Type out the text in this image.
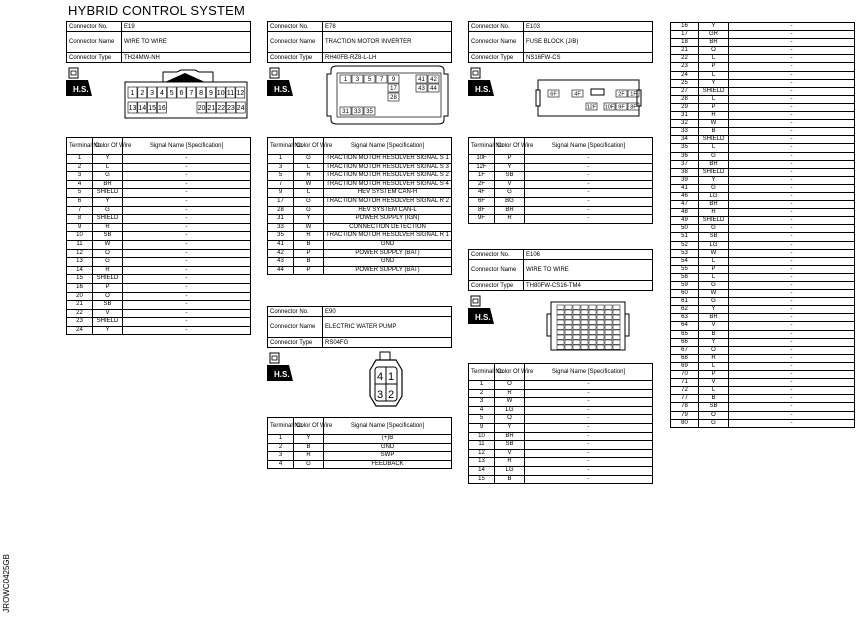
HYBRID CONTROL SYSTEM
Connector No.	E19
Connector Name	WIRE TO WIRE
Connector Type	TH24MW-NH
H.S.	1 2 3 4 5 6 7 8 9 10 11 12
13 14 15 16	20 21 22 23 24
Terminal No.	Color Of Wire	Signal Name [Specification]
1	Y	-
2	L	-
3	G	-
4	BR	-
5	SHIELD	-
6	Y	-
7	G	-
8	SHIELD	-
9	R	-
10	SB	-
11	W	-
12	O	-
13	G	-
14	R	-
15	SHIELD	-
16	P	-
20	O	-
21	SB	-
22	V	-
23	SHIELD	-
24	Y	-
Connector No.	E78
Connector Name	TRACTION MOTOR INVERTER
Connector Type	RH40FB-RZ8-L-LH
H.S.
1 3 5 7 9	41 42
17	43 44
28
31 33 35
Terminal No.	Color Of Wire	Signal Name [Specification]
1	G	TRACTION MOTOR RESOLVER SIGNAL S 1
3	L	TRACTION MOTOR RESOLVER SIGNAL S 3
5	R	TRACTION MOTOR RESOLVER SIGNAL S 2
7	W	TRACTION MOTOR RESOLVER SIGNAL S 4
9	L	HEV SYSTEM CAN-H
17	G	TRACTION MOTOR RESOLVER SIGNAL R 2
28	G	HEV SYSTEM CAN-L
31	Y	POWER SUPPLY (IGN)
33	W	CONNECTION DETECTION
35	R	TRACTION MOTOR RESOLVER SIGNAL R 1
41	B	GND
42	P	POWER SUPPLY (BAT)
43	B	GND
44	P	POWER SUPPLY (BAT)
Connector No.	E90
Connector Name	ELECTRIC WATER PUMP
Connector Type	RS04FG
H.S.	4 1
3 2
Terminal No.	Color Of Wire	Signal Name [Specification]
1	Y	(+)B
2	B	GND
3	R	SWP
4	G	FEEDBACK
Connector No.	E103
Connector Name	FUSE BLOCK (J/B)
Connector Type	NS16FW-CS
H.S.
6F	4F	2F 1F
12F 10F 9F 8F
Terminal No.	Color Of Wire	Signal Name [Specification]
10F	P	-
12F	Y	-
1F	SB	-
2F	V	-
4F	G	-
6F	BG	-
8F	BR	-
9F	R	-
Connector No.	E106
Connector Name	WIRE TO WIRE
Connector Type	TH80FW-CS16-TM4
H.S.
Terminal No.	Color Of Wire	Signal Name [Specification]
1	O	-
2	R	-
3	W	-
4	LG	-
5	O	-
9	Y	-
10	BR	-
11	SB	-
12	V	-
13	R	-
14	LG	-
15	B	-
16	Y	-
17	GR	-
18	BR	-
21	O	-
22	L	-
23	P	-
24	L	-
25	Y	-
27	SHIELD	-
28	L	-
29	P	-
31	R	-
32	W	-
33	B	-
34	SHIELD	-
35	L	-
36	G	-
37	BR	-
38	SHIELD	-
39	Y	-
41	G	-
46	LG	-
47	BR	-
48	R	-
49	SHIELD	-
50	G	-
51	SB	-
52	LG	-
53	W	-
54	L	-
55	P	-
58	L	-
59	G	-
60	W	-
61	G	-
62	Y	-
63	BR	-
64	V	-
65	B	-
66	Y	-
67	O	-
68	R	-
69	L	-
70	P	-
71	V	-
72	L	-
77	B	-
78	SB	-
79	O	-
80	G	-
JROWC0425GB
